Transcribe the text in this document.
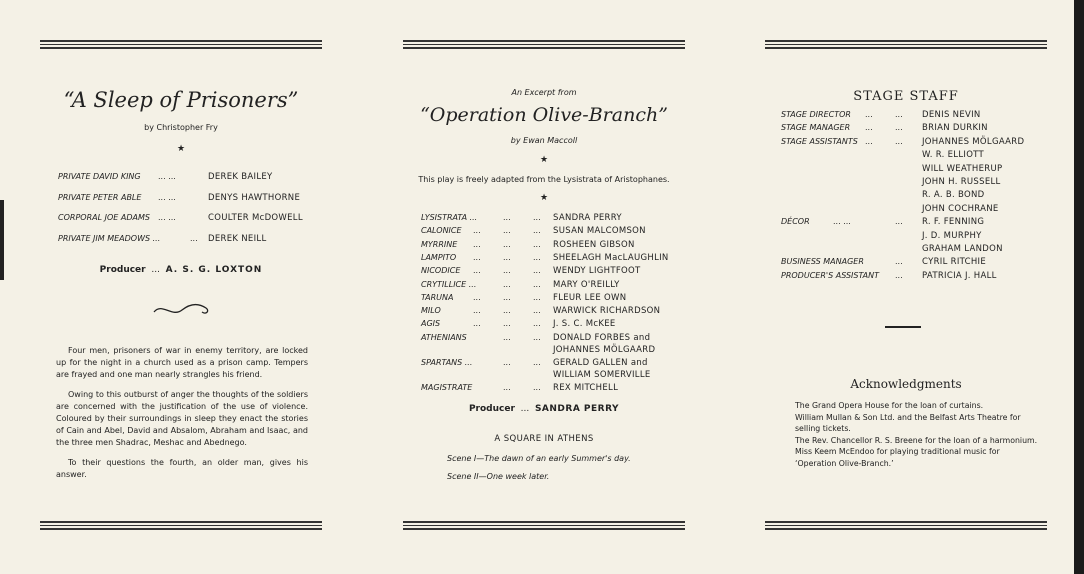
“A Sleep of Prisoners”
by Christopher Fry
★
PRIVATE DAVID KING ... ...	DEREK BAILEY
PRIVATE PETER ABLE ... ...	DENYS HAWTHORNE
CORPORAL JOE ADAMS ... ...	COULTER McDOWELL
PRIVATE JIM MEADOWS ...	... DEREK NEILL
Producer ... A. S. G. LOXTON

Four men, prisoners of war in enemy territory, are locked up for the night in a church used as a prison camp. Tempers are frayed and one man nearly strangles his friend.

Owing to this outburst of anger the thoughts of the soldiers are concerned with the justification of the use of violence. Coloured by their surroundings in sleep they enact the stories of Cain and Abel, David and Absalom, Abraham and Isaac, and the three men Shadrac, Meshac and Abednego.

To their questions the fourth, an older man, gives his answer.

An Excerpt from
“Operation Olive-Branch”
by Ewan Maccoll
★
This play is freely adapted from the Lysistrata of Aristophanes.
★
LYSISTRATA ...	...	... SANDRA PERRY
CALONICE ...	...	... SUSAN MALCOMSON
MYRRINE ...	...	... ROSHEEN GIBSON
LAMPITO ...	...	... SHEELAGH MacLAUGHLIN
NICODICE ...	...	... WENDY LIGHTFOOT
CRYTILLICE ...	...	... MARY O'REILLY
TARUNA ...	...	... FLEUR LEE OWN
MILO	...	...	... WARWICK RICHARDSON
AGIS	...	...	... J. S. C. McKEE
ATHENIANS	...	... DONALD FORBES and
JOHANNES MÖLGAARD
SPARTANS ...	...	... GERALD GALLEN and
WILLIAM SOMERVILLE
MAGISTRATE	...	... REX MITCHELL
Producer ... SANDRA PERRY
A SQUARE IN ATHENS
Scene I—The dawn of an early Summer's day.
Scene II—One week later.
STAGE STAFF
STAGE DIRECTOR ...	... DENIS NEVIN
STAGE MANAGER ...	... BRIAN DURKIN
STAGE ASSISTANTS ...	... JOHANNES MÖLGAARD
W. R. ELLIOTT
WILL WEATHERUP
JOHN H. RUSSELL
R. A. B. BOND
JOHN COCHRANE
DÉCOR	... ...	... R. F. FENNING
J. D. MURPHY
GRAHAM LANDON
BUSINESS MANAGER	... CYRIL RITCHIE
PRODUCER'S ASSISTANT ... PATRICIA J. HALL
Acknowledgments
The Grand Opera House for the loan of curtains.
William Mullan & Son Ltd. and the Belfast Arts Theatre for selling tickets.
The Rev. Chancellor R. S. Breene for the loan of a harmonium.
Miss Keem McEndoo for playing traditional music for ‘Operation Olive-Branch.’
